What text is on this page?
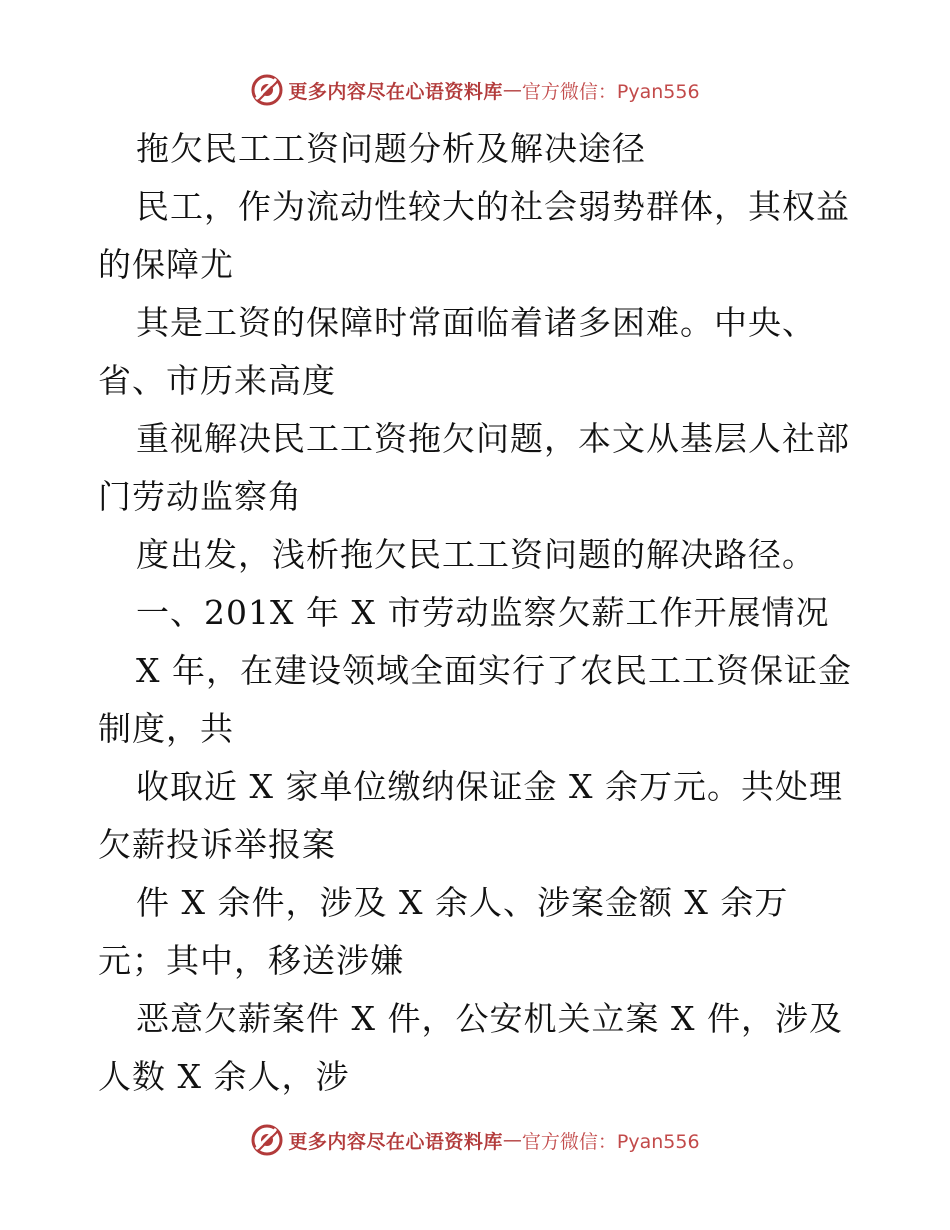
更多内容尽在心语资料库 — 官方微信：Pyan556
拖欠民工工资问题分析及解决途径
民工，作为流动性较大的社会弱势群体，其权益
的保障尤
其是工资的保障时常面临着诸多困难。中央、
省、市历来高度
重视解决民工工资拖欠问题，本文从基层人社部
门劳动监察角
度出发，浅析拖欠民工工资问题的解决路径。
一、201X 年 X 市劳动监察欠薪工作开展情况
X 年，在建设领域全面实行了农民工工资保证金
制度，共
收取近 X 家单位缴纳保证金 X 余万元。共处理
欠薪投诉举报案
件 X 余件，涉及 X 余人、涉案金额 X 余万
元；其中，移送涉嫌
恶意欠薪案件 X 件，公安机关立案 X 件，涉及
人数 X 余人，涉
更多内容尽在心语资料库 — 官方微信：Pyan556
